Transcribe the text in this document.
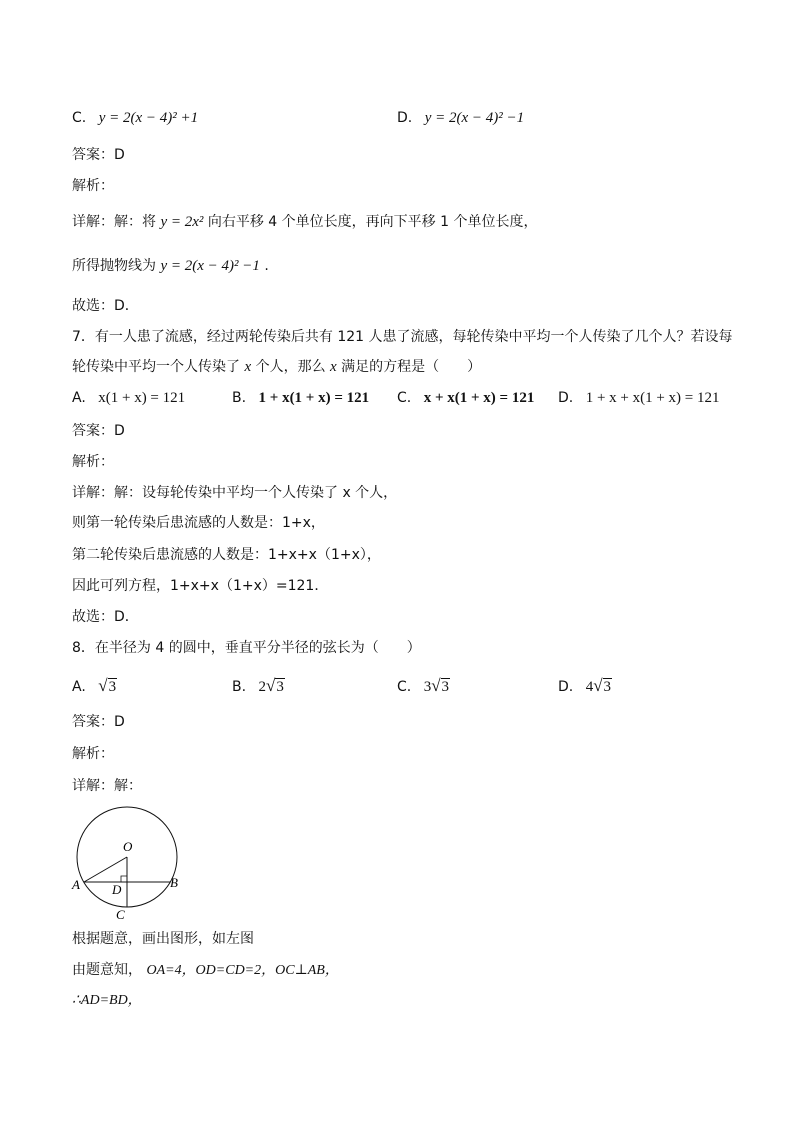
C. y = 2(x − 4)² +1	D. y = 2(x − 4)² −1
答案：D
解析：
详解：解：将 y = 2x² 向右平移 4 个单位长度，再向下平移 1 个单位长度，
所得抛物线为 y = 2(x − 4)² −1 .
故选：D．
7．有一人患了流感，经过两轮传染后共有 121 人患了流感，每轮传染中平均一个人传染了几个人？若设每
轮传染中平均一个人传染了 x 个人，那么 x 满足的方程是（　　）
A. x(1 + x) = 121	B. 1 + x(1 + x) = 121 C. x + x(1 + x) = 121 D. 1 + x + x(1 + x) = 121
答案：D
解析：
详解：解：设每轮传染中平均一个人传染了 x 个人，
则第一轮传染后患流感的人数是：1+x，
第二轮传染后患流感的人数是：1+x+x（1+x），
因此可列方程，1+x+x（1+x）=121．
故选：D．
8．在半径为 4 的圆中，垂直平分半径的弦长为（　　）
A. √3	B. 2√3	C. 3√3	D. 4√3
答案：D
解析：
详解：解：
O
A	B
D
C
根据题意，画出图形，如左图
由题意知， OA=4，OD=CD=2，OC⊥AB，
∴AD=BD，
